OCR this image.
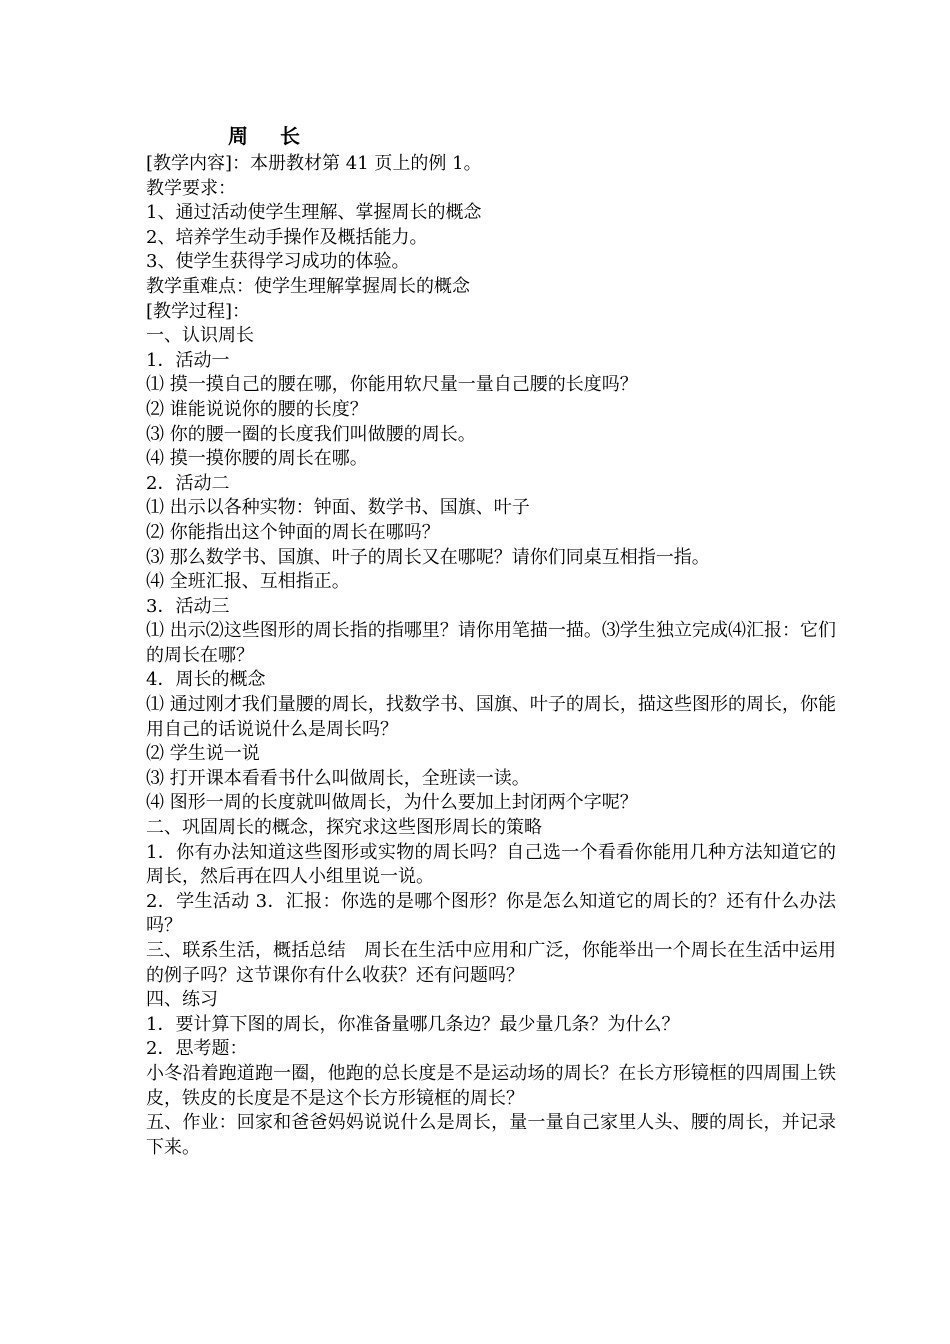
周长
[教学内容]：本册教材第 41 页上的例 1。
教学要求：
1、通过活动使学生理解、掌握周长的概念
2、培养学生动手操作及概括能力。
3、使学生获得学习成功的体验。
教学重难点：使学生理解掌握周长的概念
[教学过程]：
一、认识周长
1．活动一
⑴ 摸一摸自己的腰在哪，你能用软尺量一量自己腰的长度吗？
⑵ 谁能说说你的腰的长度？
⑶ 你的腰一圈的长度我们叫做腰的周长。
⑷ 摸一摸你腰的周长在哪。
2．活动二
⑴ 出示以各种实物：钟面、数学书、国旗、叶子
⑵ 你能指出这个钟面的周长在哪吗？
⑶ 那么数学书、国旗、叶子的周长又在哪呢？请你们同桌互相指一指。
⑷ 全班汇报、互相指正。
3．活动三
⑴ 出示⑵这些图形的周长指的指哪里？请你用笔描一描。⑶学生独立完成⑷汇报：它们的周长在哪？
4．周长的概念
⑴ 通过刚才我们量腰的周长，找数学书、国旗、叶子的周长，描这些图形的周长，你能用自己的话说说什么是周长吗？
⑵ 学生说一说
⑶ 打开课本看看书什么叫做周长，全班读一读。
⑷ 图形一周的长度就叫做周长，为什么要加上封闭两个字呢？
二、巩固周长的概念，探究求这些图形周长的策略
1．你有办法知道这些图形或实物的周长吗？自己选一个看看你能用几种方法知道它的周长，然后再在四人小组里说一说。
2．学生活动 3．汇报：你选的是哪个图形？你是怎么知道它的周长的？还有什么办法吗？
三、联系生活，概括总结　周长在生活中应用和广泛，你能举出一个周长在生活中运用的例子吗？这节课你有什么收获？还有问题吗？
四、练习
1．要计算下图的周长，你准备量哪几条边？最少量几条？为什么？
2．思考题：
小冬沿着跑道跑一圈，他跑的总长度是不是运动场的周长？在长方形镜框的四周围上铁皮，铁皮的长度是不是这个长方形镜框的周长？
五、作业：回家和爸爸妈妈说说什么是周长，量一量自己家里人头、腰的周长，并记录下来。
